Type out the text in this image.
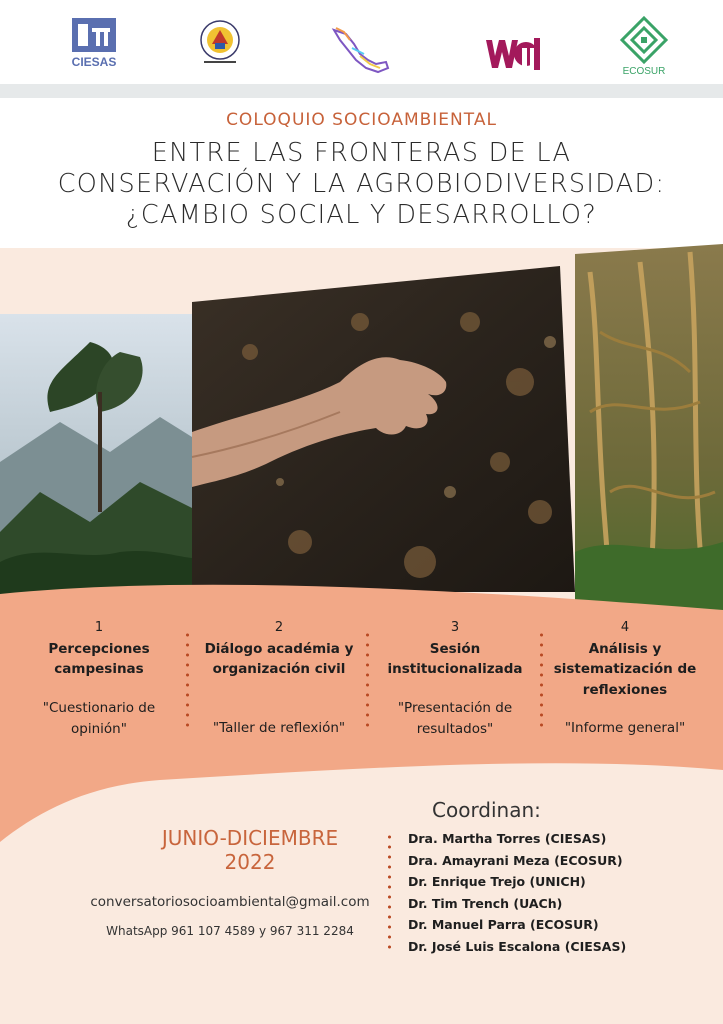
CIESAS
ECOSUR
COLOQUIO SOCIOAMBIENTAL
ENTRE LAS FRONTERAS DE LA
CONSERVACIÓN Y LA AGROBIODIVERSIDAD:
¿CAMBIO SOCIAL Y DESARROLLO?
1
Percepciones campesinas
"Cuestionario de opinión"
2
Diálogo académia y organización civil
"Taller de reflexión"
3
Sesión institucionalizada
"Presentación de resultados"
4
Análisis y sistematización de reflexiones
"Informe general"
JUNIO-DICIEMBRE
2022
conversatoriosocioambiental@gmail.com
WhatsApp 961 107 4589 y 967 311 2284
Coordinan:
Dra. Martha Torres (CIESAS)
Dra. Amayrani Meza (ECOSUR)
Dr. Enrique Trejo (UNICH)
Dr. Tim Trench (UACh)
Dr. Manuel Parra (ECOSUR)
Dr. José Luis Escalona (CIESAS)
